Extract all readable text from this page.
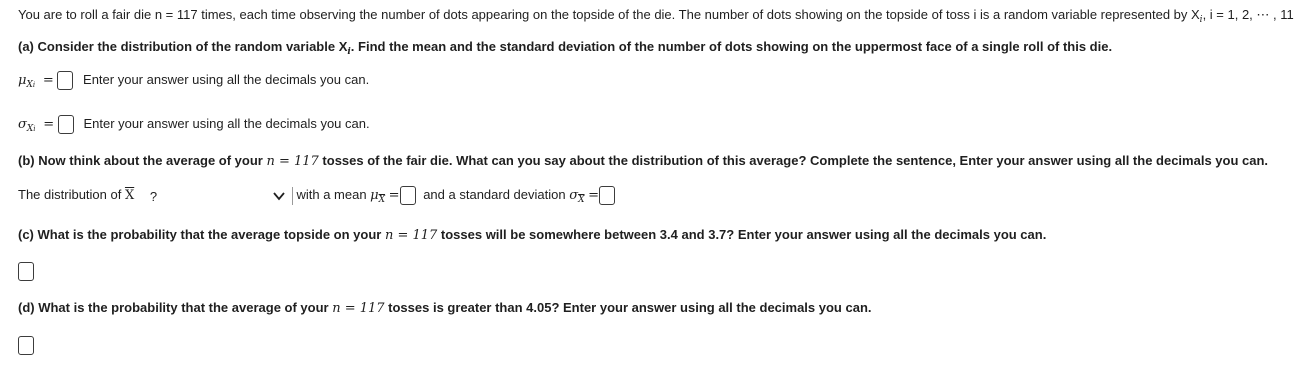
You are to roll a fair die n = 117 times, each time observing the number of dots appearing on the topside of the die. The number of dots showing on the topside of toss i is a random variable represented by $X_i$, i = 1, 2, ⋯ , 11
(a) Consider the distribution of the random variable $X_i$. Find the mean and the standard deviation of the number of dots showing on the uppermost face of a single roll of this die.
$\mu_{Xi}$  = Enter your answer using all the decimals you can.
$\sigma_{Xi}$  = Enter your answer using all the decimals you can.
(b) Now think about the average of your n = 117 tosses of the fair die. What can you say about the distribution of this average? Complete the sentence, Enter your answer using all the decimals you can.
The distribution of $\overline{X}$ ?	with a mean $\mu_{\overline{X}}$ = and a standard deviation $\sigma_{\overline{X}}$ =
(c) What is the probability that the average topside on your n = 117 tosses will be somewhere between 3.4 and 3.7? Enter your answer using all the decimals you can.
(d) What is the probability that the average of your n = 117 tosses is greater than 4.05? Enter your answer using all the decimals you can.
